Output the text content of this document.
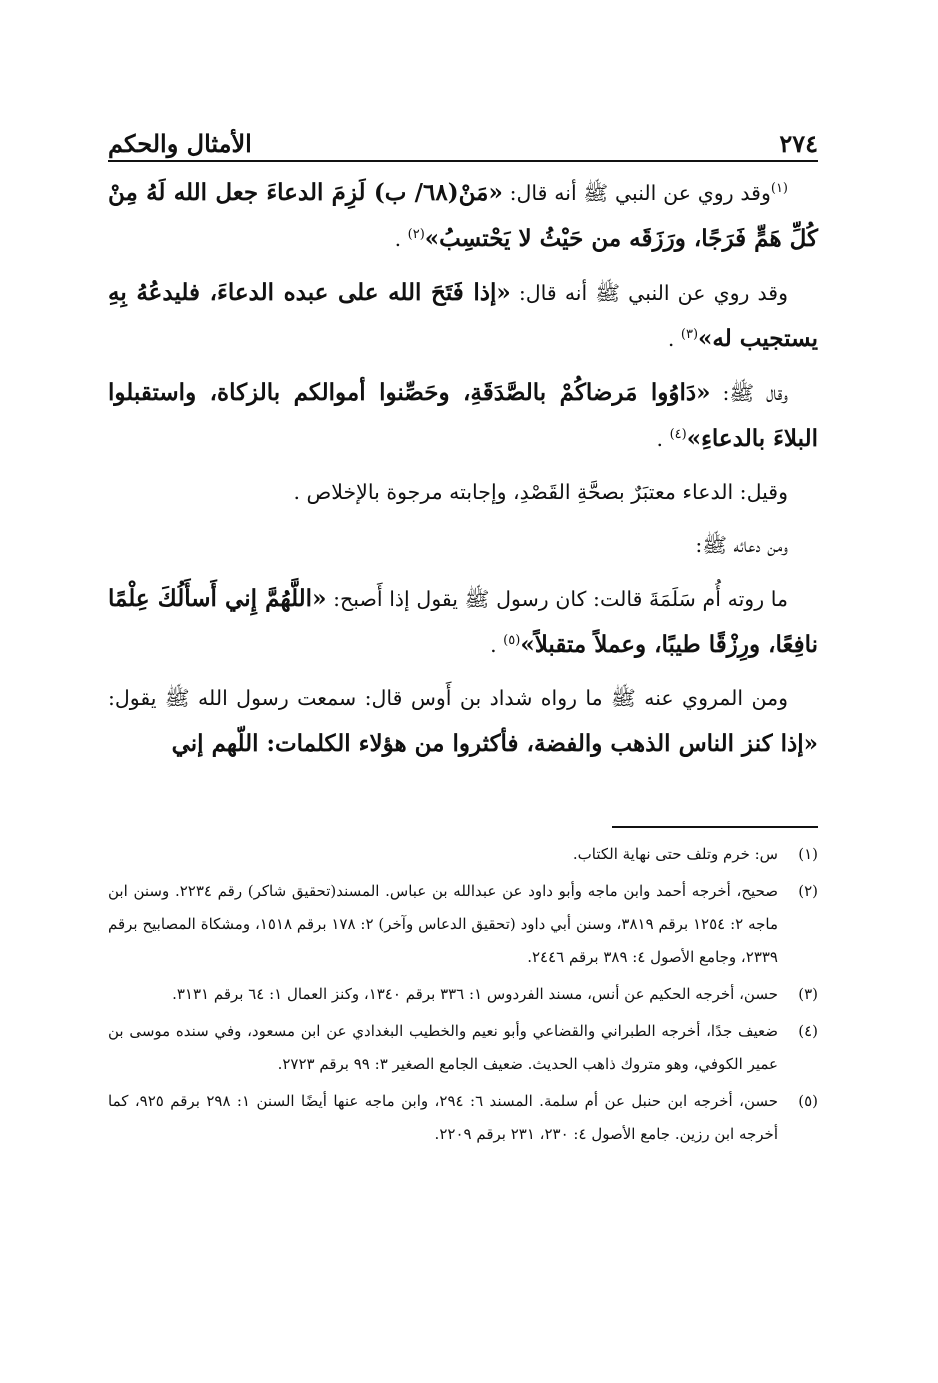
٢٧٤
الأمثال والحكم

$^{(١)}$وقد روي عن النبي ﷺ أنه قال: «مَنْ(٦٨/ ب) لَزِمَ الدعاءَ جعل الله لَهُ مِنْ كُلِّ هَمٍّ فَرَجًا، ورَزَقَه من حَيْثُ لا يَحْتسِبُ»$^{(٢)}$ .

وقد روي عن النبي ﷺ أنه قال: «إذا فَتَحَ الله على عبده الدعاءَ، فليدعُهُ بِهِ يستجيب له»$^{(٣)}$ .

وقال ﷺ: «دَاوُوا مَرضاكُمْ بالصَّدَقَةِ، وحَصِّنوا أموالكم بالزكاة، واستقبلوا البلاءَ بالدعاءِ»$^{(٤)}$ .

وقيل: الدعاء معتبَرٌ بصحَّةِ القَصْدِ، وإجابته مرجوة بالإخلاص .

ومن دعائه ﷺ:

ما روته أُم سَلَمَةَ قالت: كان رسول ﷺ يقول إذا أَصبح: «اللَّهُمَّ إِني أَسأَلُكَ عِلْمًا نافِعًا، ورِزْقًا طيبًا، وعملاً متقبلاً»$^{(٥)}$ .

ومن المروي عنه ﷺ ما رواه شداد بن أَوس قال: سمعت رسول الله ﷺ يقول: «إذا كنز الناس الذهب والفضة، فأكثروا من هؤلاء الكلمات: اللّهم إني

(١)
س: خرم وتلف حتى نهاية الكتاب.
(٢)
صحيح، أخرجه أحمد وابن ماجه وأبو داود عن عبدالله بن عباس. المسند(تحقيق شاكر) رقم ٢٢٣٤. وسنن ابن ماجه ٢: ١٢٥٤ برقم ٣٨١٩، وسنن أبي داود (تحقيق الدعاس وآخر) ٢: ١٧٨ برقم ١٥١٨، ومشكاة المصابيح برقم ٢٣٣٩، وجامع الأصول ٤: ٣٨٩ برقم ٢٤٤٦.
(٣)
حسن، أخرجه الحكيم عن أنس، مسند الفردوس ١: ٣٣٦ برقم ١٣٤٠، وكنز العمال ١: ٦٤ برقم ٣١٣١.
(٤)
ضعيف جدًا، أخرجه الطبراني والقضاعي وأبو نعيم والخطيب البغدادي عن ابن مسعود، وفي سنده موسى بن عمير الكوفي، وهو متروك ذاهب الحديث. ضعيف الجامع الصغير ٣: ٩٩ برقم ٢٧٢٣.
(٥)
حسن، أخرجه ابن حنبل عن أم سلمة. المسند ٦: ٢٩٤، وابن ماجه عنها أيضًا السنن ١: ٢٩٨ برقم ٩٢٥، كما أخرجه ابن رزين. جامع الأصول ٤: ٢٣٠، ٢٣١ برقم ٢٢٠٩.
